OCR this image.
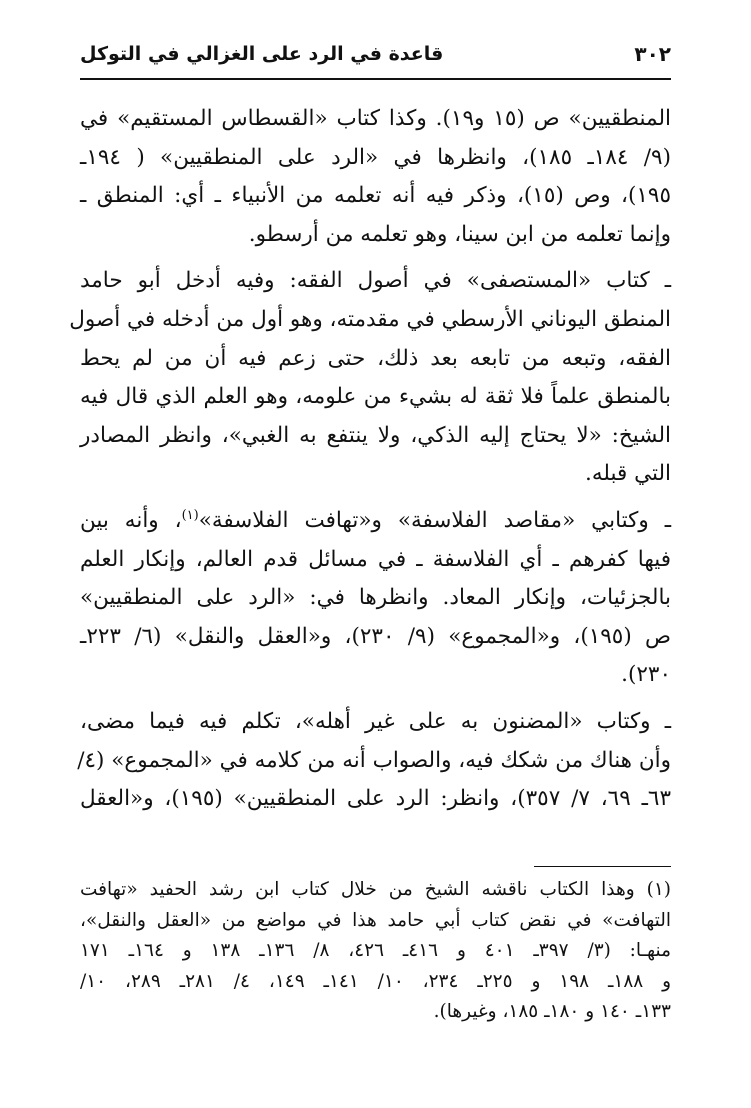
٣٠٢
قاعدة في الرد على الغزالي في التوكل

المنطقيين» ص (١٥ و١٩). وكذا كتاب «القسطاس المستقيم» في
(٩/ ١٨٤ـ ١٨٥)، وانظرها في «الرد على المنطقيين» ( ١٩٤ـ
١٩٥)، وص (١٥)، وذكر فيه أنه تعلمه من الأنبياء ـ أي: المنطق ـ
وإنما تعلمه من ابن سينا، وهو تعلمه من أرسطو.

ـ كتاب «المستصفى» في أصول الفقه: وفيه أدخل أبو حامد
المنطق اليوناني الأرسطي في مقدمته، وهو أول من أدخله في أصول
الفقه، وتبعه من تابعه بعد ذلك، حتى زعم فيه أن من لم يحط
بالمنطق علماً فلا ثقة له بشيء من علومه، وهو العلم الذي قال فيه
الشيخ: «لا يحتاج إليه الذكي، ولا ينتفع به الغبي»، وانظر المصادر
التي قبله.

ـ وكتابي «مقاصد الفلاسفة» و«تهافت الفلاسفة»$^{(١)}$، وأنه بين
فيها كفرهم ـ أي الفلاسفة ـ في مسائل قدم العالم، وإنكار العلم
بالجزئيات، وإنكار المعاد. وانظرها في: «الرد على المنطقيين»
ص (١٩٥)، و«المجموع» (٩/ ٢٣٠)، و«العقل والنقل» (٦/ ٢٢٣ـ
٢٣٠).

ـ وكتاب «المضنون به على غير أهله»، تكلم فيه فيما مضى،
وأن هناك من شكك فيه، والصواب أنه من كلامه في «المجموع» (٤/
٦٣ـ ٦٩، ٧/ ٣٥٧)، وانظر: الرد على المنطقيين» (١٩٥)، و«العقل

(١) وهذا الكتاب ناقشه الشيخ من خلال كتاب ابن رشد الحفيد «تهافت
التهافت» في نقض كتاب أبي حامد هذا في مواضع من «العقل والنقل»،
منهـا: (٣/ ٣٩٧ـ ٤٠١ و ٤١٦ـ ٤٢٦، ٨/ ١٣٦ـ ١٣٨ و ١٦٤ـ ١٧١
و ١٨٨ـ ١٩٨ و ٢٢٥ـ ٢٣٤، ١٠/ ١٤١ـ ١٤٩، ٤/ ٢٨١ـ ٢٨٩، ١٠/
١٣٣ـ ١٤٠ و ١٨٠ـ ١٨٥، وغيرها).
